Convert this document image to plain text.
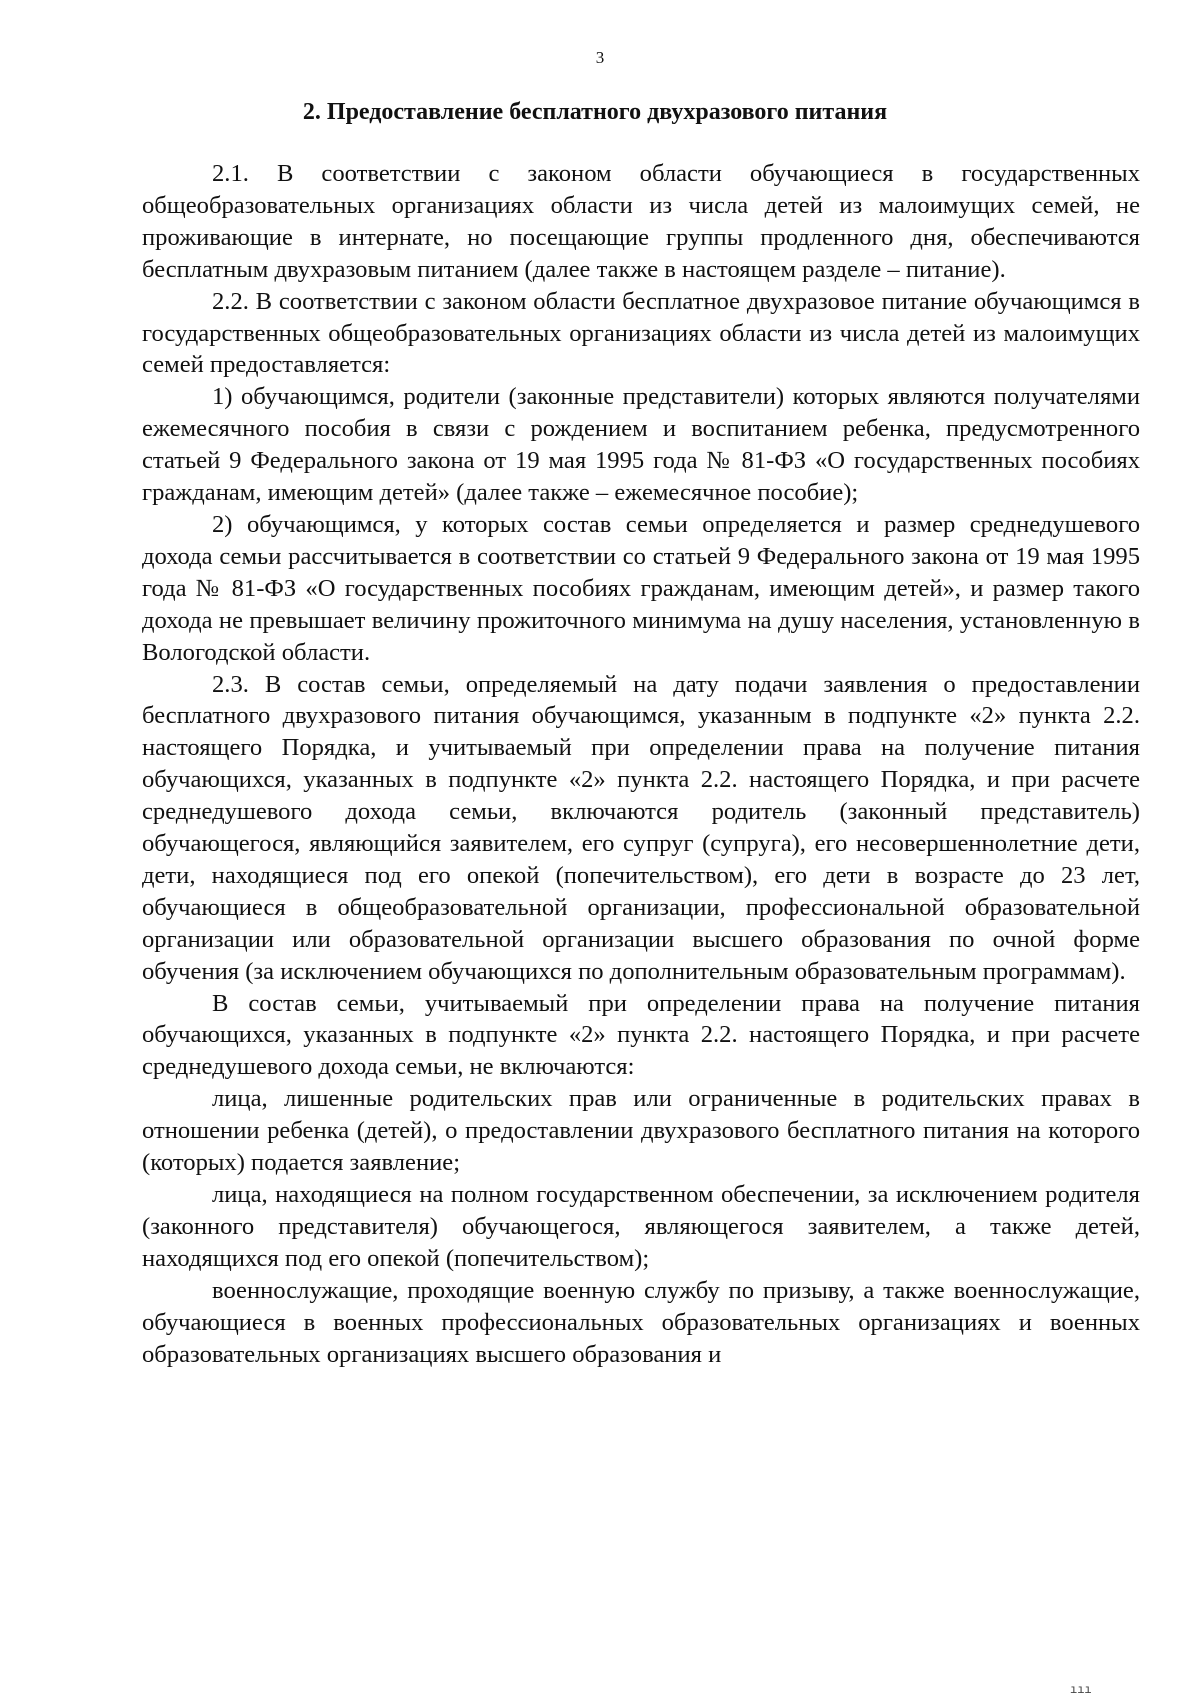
3
2. Предоставление бесплатного двухразового питания

2.1. В соответствии с законом области обучающиеся в государственных общеобразовательных организациях области из числа детей из малоимущих семей, не проживающие в интернате, но посещающие группы продленного дня, обеспечиваются бесплатным двухразовым питанием (далее также в настоящем разделе – питание).

2.2. В соответствии с законом области бесплатное двухразовое питание обучающимся в государственных общеобразовательных организациях области из числа детей из малоимущих семей предоставляется:

1) обучающимся, родители (законные представители) которых являются получателями ежемесячного пособия в связи с рождением и воспитанием ребенка, предусмотренного статьей 9 Федерального закона от 19 мая 1995 года № 81-ФЗ «О государственных пособиях гражданам, имеющим детей» (далее также – ежемесячное пособие);

2) обучающимся, у которых состав семьи определяется и размер среднедушевого дохода семьи рассчитывается в соответствии со статьей 9 Федерального закона от 19 мая 1995 года № 81-ФЗ «О государственных пособиях гражданам, имеющим детей», и размер такого дохода не превышает величину прожиточного минимума на душу населения, установленную в Вологодской области.

2.3. В состав семьи, определяемый на дату подачи заявления о предоставлении бесплатного двухразового питания обучающимся, указанным в подпункте «2» пункта 2.2. настоящего Порядка, и учитываемый при определении права на получение питания обучающихся, указанных в подпункте «2» пункта 2.2. настоящего Порядка, и при расчете среднедушевого дохода семьи, включаются родитель (законный представитель) обучающегося, являющийся заявителем, его супруг (супруга), его несовершеннолетние дети, дети, находящиеся под его опекой (попечительством), его дети в возрасте до 23 лет, обучающиеся в общеобразовательной организации, профессиональной образовательной организации или образовательной организации высшего образования по очной форме обучения (за исключением обучающихся по дополнительным образовательным программам).

В состав семьи, учитываемый при определении права на получение питания обучающихся, указанных в подпункте «2» пункта 2.2. настоящего Порядка, и при расчете среднедушевого дохода семьи, не включаются:

лица, лишенные родительских прав или ограниченные в родительских правах в отношении ребенка (детей), о предоставлении двухразового бесплатного питания на которого (которых) подается заявление;

лица, находящиеся на полном государственном обеспечении, за исключением родителя (законного представителя) обучающегося, являющегося заявителем, а также детей, находящихся под его опекой (попечительством);

военнослужащие, проходящие военную службу по призыву, а также военнослужащие, обучающиеся в военных профессиональных образовательных организациях и военных образовательных организациях высшего образования и

ııı
